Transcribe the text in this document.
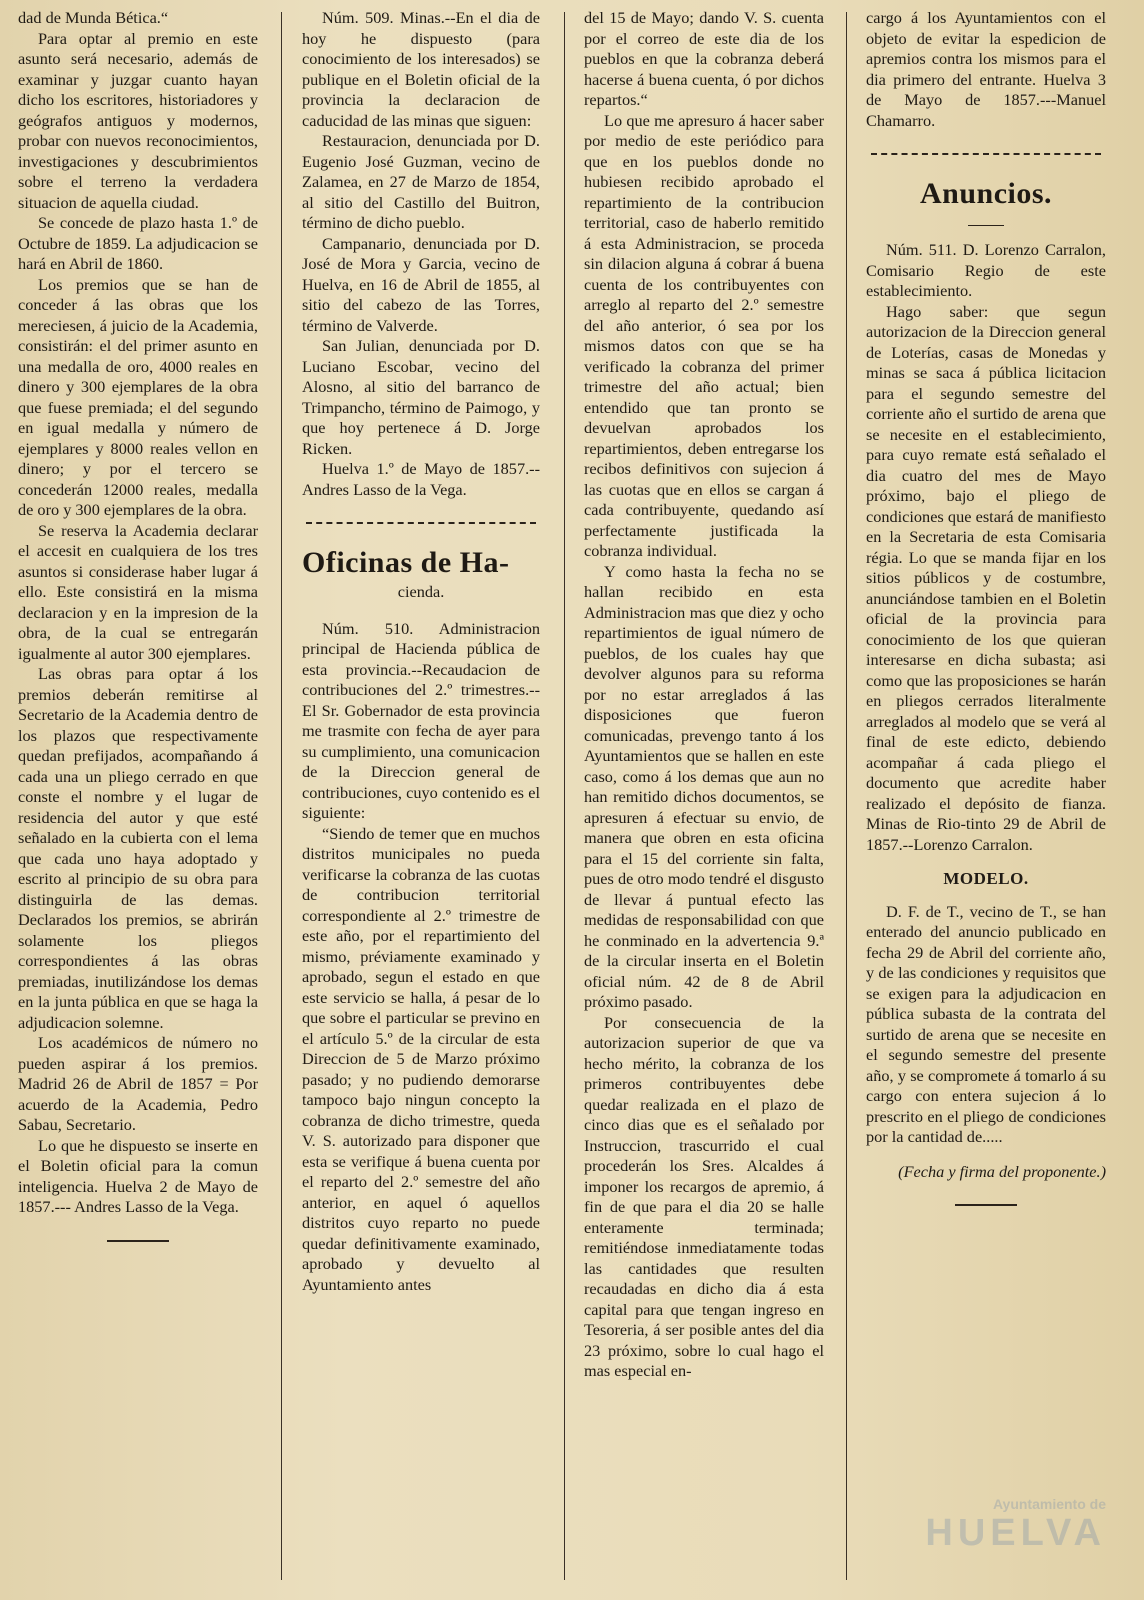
dad de Munda Bética.“

Para optar al premio en este asunto será necesario, además de examinar y juzgar cuanto hayan dicho los escritores, historiadores y geógrafos antiguos y modernos, probar con nuevos reconocimientos, investigaciones y descubrimientos sobre el terreno la verdadera situacion de aquella ciudad.

Se concede de plazo hasta 1.º de Octubre de 1859. La adjudicacion se hará en Abril de 1860.

Los premios que se han de conceder á las obras que los mereciesen, á juicio de la Academia, consistirán: el del primer asunto en una medalla de oro, 4000 reales en dinero y 300 ejemplares de la obra que fuese premiada; el del segundo en igual medalla y número de ejemplares y 8000 reales vellon en dinero; y por el tercero se concederán 12000 reales, medalla de oro y 300 ejemplares de la obra.

Se reserva la Academia declarar el accesit en cualquiera de los tres asuntos si considerase haber lugar á ello. Este consistirá en la misma declaracion y en la impresion de la obra, de la cual se entregarán igualmente al autor 300 ejemplares.

Las obras para optar á los premios deberán remitirse al Secretario de la Academia dentro de los plazos que respectivamente quedan prefijados, acompañando á cada una un pliego cerrado en que conste el nombre y el lugar de residencia del autor y que esté señalado en la cubierta con el lema que cada uno haya adoptado y escrito al principio de su obra para distinguirla de las demas. Declarados los premios, se abrirán solamente los pliegos correspondientes á las obras premiadas, inutilizándose los demas en la junta pública en que se haga la adjudicacion solemne.

Los académicos de número no pueden aspirar á los premios. Madrid 26 de Abril de 1857 = Por acuerdo de la Academia, Pedro Sabau, Secretario.

Lo que he dispuesto se inserte en el Boletin oficial para la comun inteligencia. Huelva 2 de Mayo de 1857.--- Andres Lasso de la Vega.

Núm. 509. Minas.--En el dia de hoy he dispuesto (para conocimiento de los interesados) se publique en el Boletin oficial de la provincia la declaracion de caducidad de las minas que siguen:

Restauracion, denunciada por D. Eugenio José Guzman, vecino de Zalamea, en 27 de Marzo de 1854, al sitio del Castillo del Buitron, término de dicho pueblo.

Campanario, denunciada por D. José de Mora y Garcia, vecino de Huelva, en 16 de Abril de 1855, al sitio del cabezo de las Torres, término de Valverde.

San Julian, denunciada por D. Luciano Escobar, vecino del Alosno, al sitio del barranco de Trimpancho, término de Paimogo, y que hoy pertenece á D. Jorge Ricken.

Huelva 1.º de Mayo de 1857.--Andres Lasso de la Vega.

Oficinas de Ha-
cienda.

Núm. 510. Administracion principal de Hacienda pública de esta provincia.--Recaudacion de contribuciones del 2.º trimestres.--El Sr. Gobernador de esta provincia me trasmite con fecha de ayer para su cumplimiento, una comunicacion de la Direccion general de contribuciones, cuyo contenido es el siguiente:

“Siendo de temer que en muchos distritos municipales no pueda verificarse la cobranza de las cuotas de contribucion territorial correspondiente al 2.º trimestre de este año, por el repartimiento del mismo, préviamente examinado y aprobado, segun el estado en que este servicio se halla, á pesar de lo que sobre el particular se previno en el artículo 5.º de la circular de esta Direccion de 5 de Marzo próximo pasado; y no pudiendo demorarse tampoco bajo ningun concepto la cobranza de dicho trimestre, queda V. S. autorizado para disponer que esta se verifique á buena cuenta por el reparto del 2.º semestre del año anterior, en aquel ó aquellos distritos cuyo reparto no puede quedar definitivamente examinado, aprobado y devuelto al Ayuntamiento antes

del 15 de Mayo; dando V. S. cuenta por el correo de este dia de los pueblos en que la cobranza deberá hacerse á buena cuenta, ó por dichos repartos.“

Lo que me apresuro á hacer saber por medio de este periódico para que en los pueblos donde no hubiesen recibido aprobado el repartimiento de la contribucion territorial, caso de haberlo remitido á esta Administracion, se proceda sin dilacion alguna á cobrar á buena cuenta de los contribuyentes con arreglo al reparto del 2.º semestre del año anterior, ó sea por los mismos datos con que se ha verificado la cobranza del primer trimestre del año actual; bien entendido que tan pronto se devuelvan aprobados los repartimientos, deben entregarse los recibos definitivos con sujecion á las cuotas que en ellos se cargan á cada contribuyente, quedando así perfectamente justificada la cobranza individual.

Y como hasta la fecha no se hallan recibido en esta Administracion mas que diez y ocho repartimientos de igual número de pueblos, de los cuales hay que devolver algunos para su reforma por no estar arreglados á las disposiciones que fueron comunicadas, prevengo tanto á los Ayuntamientos que se hallen en este caso, como á los demas que aun no han remitido dichos documentos, se apresuren á efectuar su envio, de manera que obren en esta oficina para el 15 del corriente sin falta, pues de otro modo tendré el disgusto de llevar á puntual efecto las medidas de responsabilidad con que he conminado en la advertencia 9.ª de la circular inserta en el Boletin oficial núm. 42 de 8 de Abril próximo pasado.

Por consecuencia de la autorizacion superior de que va hecho mérito, la cobranza de los primeros contribuyentes debe quedar realizada en el plazo de cinco dias que es el señalado por Instruccion, trascurrido el cual procederán los Sres. Alcaldes á imponer los recargos de apremio, á fin de que para el dia 20 se halle enteramente terminada; remitiéndose inmediatamente todas las cantidades que resulten recaudadas en dicho dia á esta capital para que tengan ingreso en Tesoreria, á ser posible antes del dia 23 próximo, sobre lo cual hago el mas especial en-

cargo á los Ayuntamientos con el objeto de evitar la espedicion de apremios contra los mismos para el dia primero del entrante. Huelva 3 de Mayo de 1857.---Manuel Chamarro.

Anuncios.

Núm. 511. D. Lorenzo Carralon, Comisario Regio de este establecimiento.

Hago saber: que segun autorizacion de la Direccion general de Loterías, casas de Monedas y minas se saca á pública licitacion para el segundo semestre del corriente año el surtido de arena que se necesite en el establecimiento, para cuyo remate está señalado el dia cuatro del mes de Mayo próximo, bajo el pliego de condiciones que estará de manifiesto en la Secretaria de esta Comisaria régia. Lo que se manda fijar en los sitios públicos y de costumbre, anunciándose tambien en el Boletin oficial de la provincia para conocimiento de los que quieran interesarse en dicha subasta; asi como que las proposiciones se harán en pliegos cerrados literalmente arreglados al modelo que se verá al final de este edicto, debiendo acompañar á cada pliego el documento que acredite haber realizado el depósito de fianza. Minas de Rio-tinto 29 de Abril de 1857.--Lorenzo Carralon.

MODELO.

D. F. de T., vecino de T., se han enterado del anuncio publicado en fecha 29 de Abril del corriente año, y de las condiciones y requisitos que se exigen para la adjudicacion en pública subasta de la contrata del surtido de arena que se necesite en el segundo semestre del presente año, y se compromete á tomarlo á su cargo con entera sujecion á lo prescrito en el pliego de condiciones por la cantidad de.....

(Fecha y firma del proponente.)
Ayuntamiento de
HUELVA
